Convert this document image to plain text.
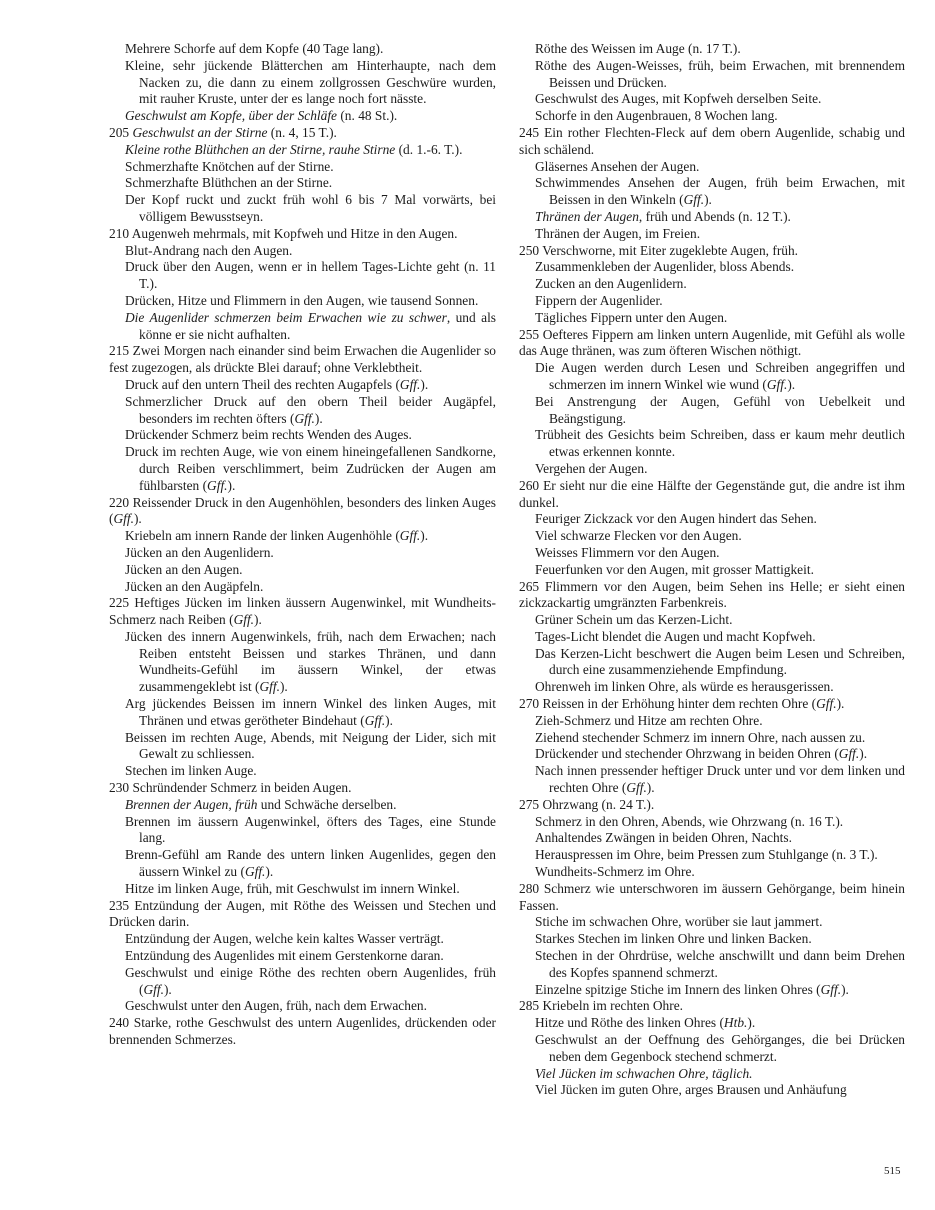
Mehrere Schorfe auf dem Kopfe (40 Tage lang).
Kleine, sehr jückende Blätterchen am Hinterhaupte, nach dem Nacken zu, die dann zu einem zollgrossen Geschwüre wurden, mit rauher Kruste, unter der es lange noch fort nässte.
Geschwulst am Kopfe, über der Schläfe (n. 48 St.).
205 Geschwulst an der Stirne (n. 4, 15 T.).
Kleine rothe Blüthchen an der Stirne, rauhe Stirne (d. 1.-6. T.).
Schmerzhafte Knötchen auf der Stirne.
Schmerzhafte Blüthchen an der Stirne.
Der Kopf ruckt und zuckt früh wohl 6 bis 7 Mal vorwärts, bei völligem Bewusstseyn.
210 Augenweh mehrmals, mit Kopfweh und Hitze in den Augen.
Blut-Andrang nach den Augen.
Druck über den Augen, wenn er in hellem Tages-Lichte geht (n. 11 T.).
Drücken, Hitze und Flimmern in den Augen, wie tausend Sonnen.
Die Augenlider schmerzen beim Erwachen wie zu schwer, und als könne er sie nicht aufhalten.
215 Zwei Morgen nach einander sind beim Erwachen die Augenlider so fest zugezogen, als drückte Blei darauf; ohne Verklebtheit.
Druck auf den untern Theil des rechten Augapfels (Gff.).
Schmerzlicher Druck auf den obern Theil beider Augäpfel, besonders im rechten öfters (Gff.).
Drückender Schmerz beim rechts Wenden des Auges.
Druck im rechten Auge, wie von einem hineingefallenen Sandkorne, durch Reiben verschlimmert, beim Zudrücken der Augen am fühlbarsten (Gff.).
220 Reissender Druck in den Augenhöhlen, besonders des linken Auges (Gff.).
Kriebeln am innern Rande der linken Augenhöhle (Gff.).
Jücken an den Augenlidern.
Jücken an den Augen.
Jücken an den Augäpfeln.
225 Heftiges Jücken im linken äussern Augenwinkel, mit Wundheits-Schmerz nach Reiben (Gff.).
Jücken des innern Augenwinkels, früh, nach dem Erwachen; nach Reiben entsteht Beissen und starkes Thränen, und dann Wundheits-Gefühl im äussern Winkel, der etwas zusammengeklebt ist (Gff.).
Arg jückendes Beissen im innern Winkel des linken Auges, mit Thränen und etwas gerötheter Bindehaut (Gff.).
Beissen im rechten Auge, Abends, mit Neigung der Lider, sich mit Gewalt zu schliessen.
Stechen im linken Auge.
230 Schründender Schmerz in beiden Augen.
Brennen der Augen, früh und Schwäche derselben.
Brennen im äussern Augenwinkel, öfters des Tages, eine Stunde lang.
Brenn-Gefühl am Rande des untern linken Augenlides, gegen den äussern Winkel zu (Gff.).
Hitze im linken Auge, früh, mit Geschwulst im innern Winkel.
235 Entzündung der Augen, mit Röthe des Weissen und Stechen und Drücken darin.
Entzündung der Augen, welche kein kaltes Wasser verträgt.
Entzündung des Augenlides mit einem Gerstenkorne daran.
Geschwulst und einige Röthe des rechten obern Augenlides, früh (Gff.).
Geschwulst unter den Augen, früh, nach dem Erwachen.
240 Starke, rothe Geschwulst des untern Augenlides, drückenden oder brennenden Schmerzes.
Röthe des Weissen im Auge (n. 17 T.).
Röthe des Augen-Weisses, früh, beim Erwachen, mit brennendem Beissen und Drücken.
Geschwulst des Auges, mit Kopfweh derselben Seite.
Schorfe in den Augenbrauen, 8 Wochen lang.
245 Ein rother Flechten-Fleck auf dem obern Augenlide, schabig und sich schälend.
Gläsernes Ansehen der Augen.
Schwimmendes Ansehen der Augen, früh beim Erwachen, mit Beissen in den Winkeln (Gff.).
Thränen der Augen, früh und Abends (n. 12 T.).
Thränen der Augen, im Freien.
250 Verschworne, mit Eiter zugeklebte Augen, früh.
Zusammenkleben der Augenlider, bloss Abends.
Zucken an den Augenlidern.
Fippern der Augenlider.
Tägliches Fippern unter den Augen.
255 Oefteres Fippern am linken untern Augenlide, mit Gefühl als wolle das Auge thränen, was zum öfteren Wischen nöthigt.
Die Augen werden durch Lesen und Schreiben angegriffen und schmerzen im innern Winkel wie wund (Gff.).
Bei Anstrengung der Augen, Gefühl von Uebelkeit und Beängstigung.
Trübheit des Gesichts beim Schreiben, dass er kaum mehr deutlich etwas erkennen konnte.
Vergehen der Augen.
260 Er sieht nur die eine Hälfte der Gegenstände gut, die andre ist ihm dunkel.
Feuriger Zickzack vor den Augen hindert das Sehen.
Viel schwarze Flecken vor den Augen.
Weisses Flimmern vor den Augen.
Feuerfunken vor den Augen, mit grosser Mattigkeit.
265 Flimmern vor den Augen, beim Sehen ins Helle; er sieht einen zickzackartig umgränzten Farbenkreis.
Grüner Schein um das Kerzen-Licht.
Tages-Licht blendet die Augen und macht Kopfweh.
Das Kerzen-Licht beschwert die Augen beim Lesen und Schreiben, durch eine zusammenziehende Empfindung.
Ohrenweh im linken Ohre, als würde es herausgerissen.
270 Reissen in der Erhöhung hinter dem rechten Ohre (Gff.).
Zieh-Schmerz und Hitze am rechten Ohre.
Ziehend stechender Schmerz im innern Ohre, nach aussen zu.
Drückender und stechender Ohrzwang in beiden Ohren (Gff.).
Nach innen pressender heftiger Druck unter und vor dem linken und rechten Ohre (Gff.).
275 Ohrzwang (n. 24 T.).
Schmerz in den Ohren, Abends, wie Ohrzwang (n. 16 T.).
Anhaltendes Zwängen in beiden Ohren, Nachts.
Herauspressen im Ohre, beim Pressen zum Stuhlgange (n. 3 T.).
Wundheits-Schmerz im Ohre.
280 Schmerz wie unterschworen im äussern Gehörgange, beim hinein Fassen.
Stiche im schwachen Ohre, worüber sie laut jammert.
Starkes Stechen im linken Ohre und linken Backen.
Stechen in der Ohrdrüse, welche anschwillt und dann beim Drehen des Kopfes spannend schmerzt.
Einzelne spitzige Stiche im Innern des linken Ohres (Gff.).
285 Kriebeln im rechten Ohre.
Hitze und Röthe des linken Ohres (Htb.).
Geschwulst an der Oeffnung des Gehörganges, die bei Drücken neben dem Gegenbock stechend schmerzt.
Viel Jücken im schwachen Ohre, täglich.
Viel Jücken im guten Ohre, arges Brausen und Anhäufung
515
